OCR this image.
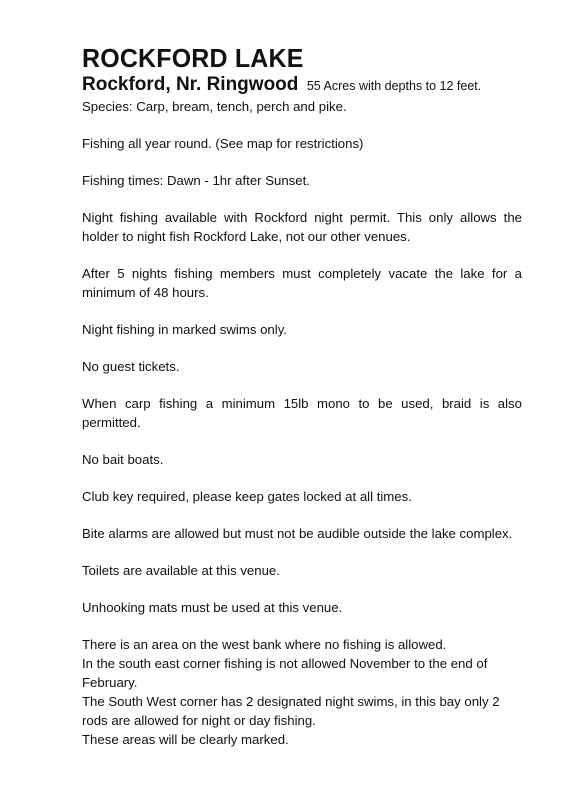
ROCKFORD LAKE
Rockford, Nr. Ringwood 55 Acres with depths to 12 feet.

Species: Carp, bream, tench, perch and pike.

Fishing all year round. (See map for restrictions)

Fishing times: Dawn - 1hr after Sunset.

Night fishing available with Rockford night permit. This only allows the holder to night fish Rockford Lake, not our other venues.

After 5 nights fishing members must completely vacate the lake for a minimum of 48 hours.

Night fishing in marked swims only.

No guest tickets.

When carp fishing a minimum 15lb mono to be used, braid is also permitted.

No bait boats.

Club key required, please keep gates locked at all times.

Bite alarms are allowed but must not be audible outside the lake complex.

Toilets are available at this venue.

Unhooking mats must be used at this venue.

There is an area on the west bank where no fishing is allowed.

In the south east corner fishing is not allowed November to the end of February.

The South West corner has 2 designated night swims, in this bay only 2 rods are allowed for night or day fishing.

These areas will be clearly marked.
